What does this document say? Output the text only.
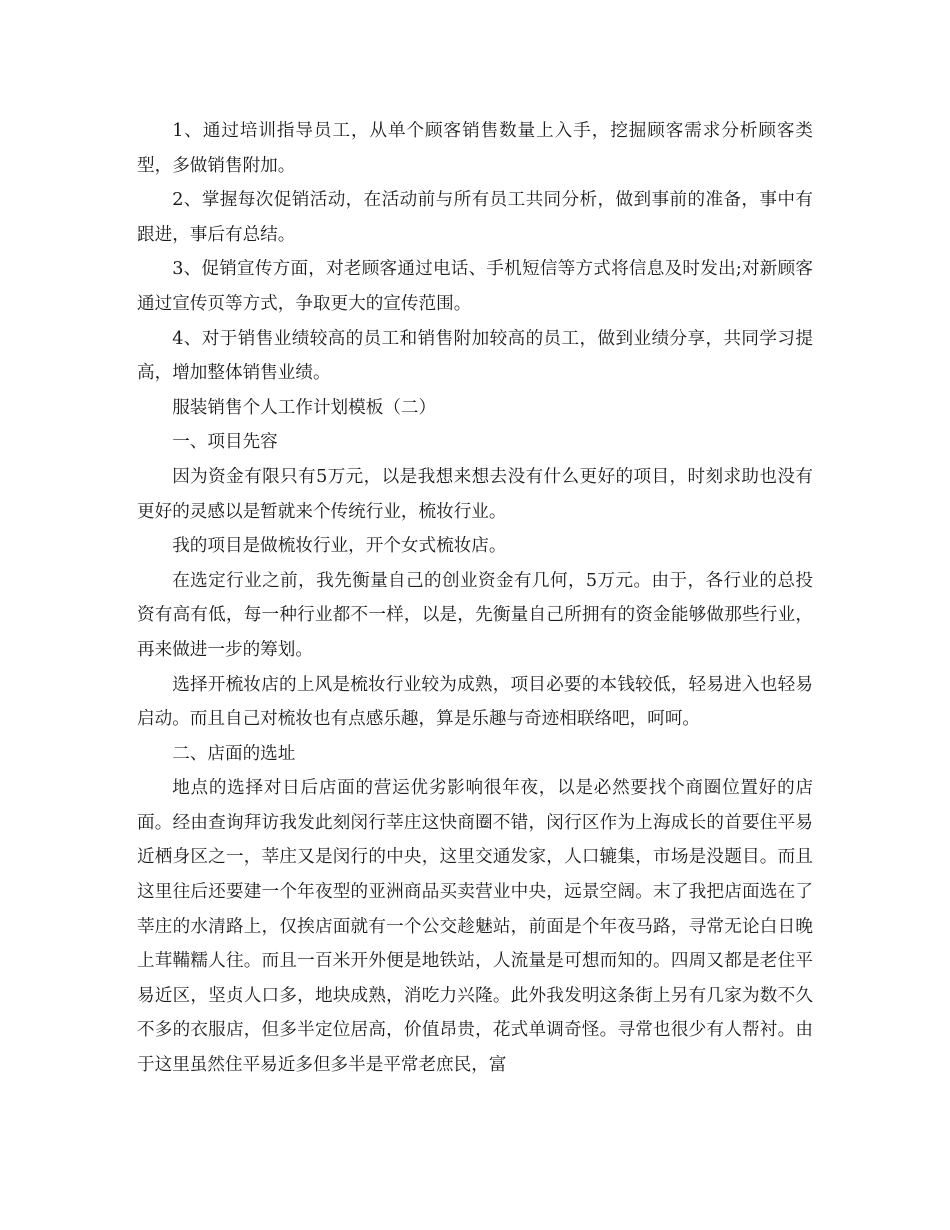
1、通过培训指导员工，从单个顾客销售数量上入手，挖掘顾客需求分析顾客类型，多做销售附加。

2、掌握每次促销活动，在活动前与所有员工共同分析，做到事前的准备，事中有跟进，事后有总结。

3、促销宣传方面，对老顾客通过电话、手机短信等方式将信息及时发出;对新顾客通过宣传页等方式，争取更大的宣传范围。

4、对于销售业绩较高的员工和销售附加较高的员工，做到业绩分享，共同学习提高，增加整体销售业绩。

服装销售个人工作计划模板（二）

一、项目先容

因为资金有限只有5万元，以是我想来想去没有什么更好的项目，时刻求助也没有更好的灵感以是暂就来个传统行业，梳妆行业。

我的项目是做梳妆行业，开个女式梳妆店。

在选定行业之前，我先衡量自己的创业资金有几何，5万元。由于，各行业的总投资有高有低，每一种行业都不一样，以是，先衡量自己所拥有的资金能够做那些行业，再来做进一步的筹划。

选择开梳妆店的上风是梳妆行业较为成熟，项目必要的本钱较低，轻易进入也轻易启动。而且自己对梳妆也有点感乐趣，算是乐趣与奇迹相联络吧，呵呵。

二、店面的选址

地点的选择对日后店面的营运优劣影响很年夜，以是必然要找个商圈位置好的店面。经由查询拜访我发此刻闵行莘庄这快商圈不错，闵行区作为上海成长的首要住平易近栖身区之一，莘庄又是闵行的中央，这里交通发家，人口辘集，市场是没题目。而且这里往后还要建一个年夜型的亚洲商品买卖营业中央，远景空阔。末了我把店面选在了莘庄的水清路上，仅挨店面就有一个公交趁魅站，前面是个年夜马路，寻常无论白日晚上茸鞴糯人往。而且一百米开外便是地铁站，人流量是可想而知的。四周又都是老住平易近区，坚贞人口多，地块成熟，消吃力兴隆。此外我发明这条街上另有几家为数不久不多的衣服店，但多半定位居高，价值昂贵，花式单调奇怪。寻常也很少有人帮衬。由于这里虽然住平易近多但多半是平常老庶民，富
